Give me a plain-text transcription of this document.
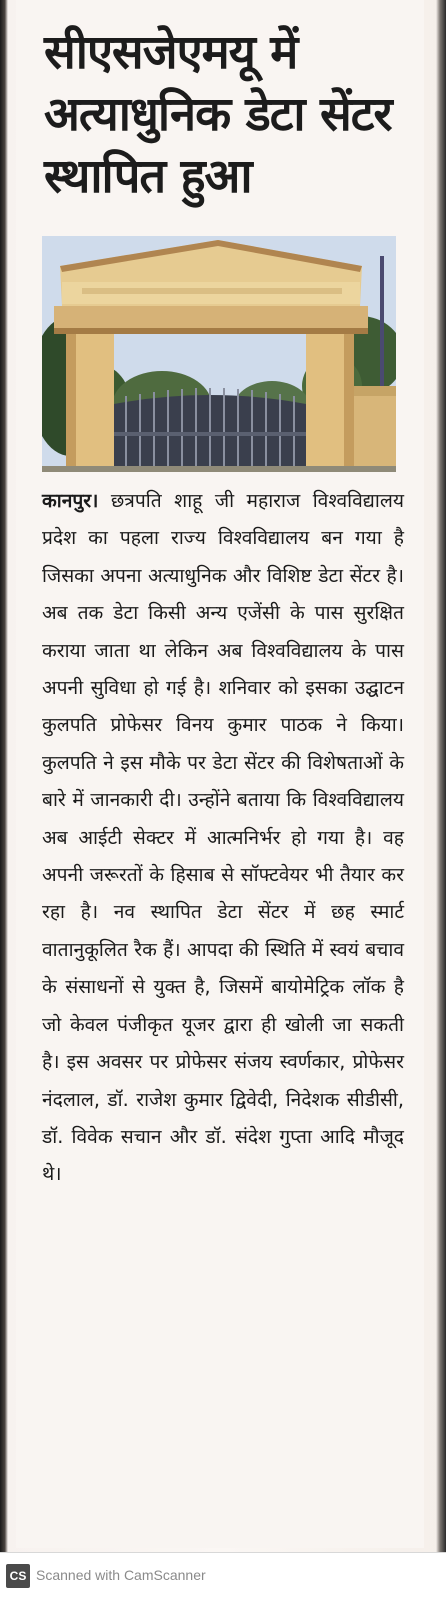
सीएसजेएमयू में अत्याधुनिक डेटा सेंटर स्थापित हुआ

कानपुर। छत्रपति शाहू जी महाराज विश्वविद्यालय प्रदेश का पहला राज्य विश्वविद्यालय बन गया है जिसका अपना अत्याधुनिक और विशिष्ट डेटा सेंटर है। अब तक डेटा किसी अन्य एजेंसी के पास सुरक्षित कराया जाता था लेकिन अब विश्वविद्यालय के पास अपनी सुविधा हो गई है। शनिवार को इसका उद्घाटन कुलपति प्रोफेसर विनय कुमार पाठक ने किया। कुलपति ने इस मौके पर डेटा सेंटर की विशेषताओं के बारे में जानकारी दी। उन्होंने बताया कि विश्वविद्यालय अब आईटी सेक्टर में आत्मनिर्भर हो गया है। वह अपनी जरूरतों के हिसाब से सॉफ्टवेयर भी तैयार कर रहा है। नव स्थापित डेटा सेंटर में छह स्मार्ट वातानुकूलित रैक हैं। आपदा की स्थिति में स्वयं बचाव के संसाधनों से युक्त है, जिसमें बायोमेट्रिक लॉक है जो केवल पंजीकृत यूजर द्वारा ही खोली जा सकती है। इस अवसर पर प्रोफेसर संजय स्वर्णकार, प्रोफेसर नंदलाल, डॉ. राजेश कुमार द्विवेदी, निदेशक सीडीसी, डॉ. विवेक सचान और डॉ. संदेश गुप्ता आदि मौजूद थे।

CS Scanned with CamScanner
